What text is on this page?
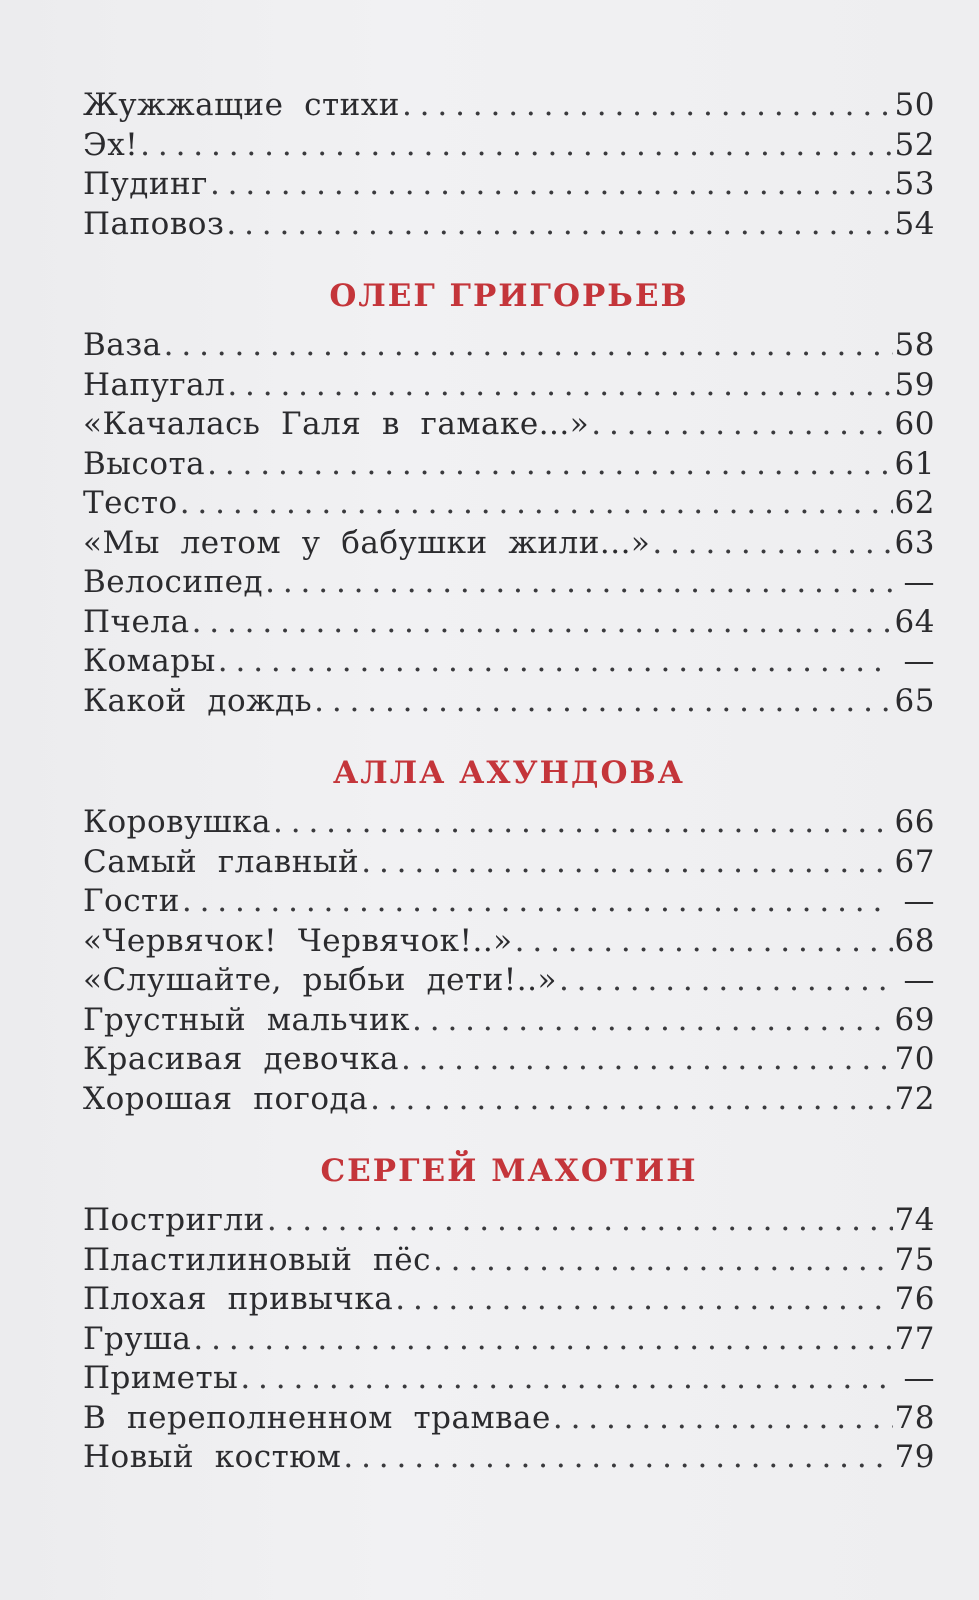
Жужжащие  стихи . . .	50
Эх! . . .	52
Пудинг . . .	53
Паповоз . . .	54
ОЛЕГ ГРИГОРЬЕВ
Ваза . . .	58
Напугал . . .	59
«Качалась  Галя  в  гамаке...» . . .	60
Высота . . .	61
Тесто . . .	62
«Мы  летом  у  бабушки  жили...» . . .	63
Велосипед . . .	—
Пчела . . .	64
Комары . . .	—
Какой  дождь . . .	65
АЛЛА АХУНДОВА
Коровушка . . .	66
Самый  главный . . .	67
Гости . . .	—
«Червячок!  Червячок!..» . . .	68
«Слушайте,  рыбьи  дети!..» . . .	—
Грустный  мальчик . . .	69
Красивая  девочка . . .	70
Хорошая  погода . . .	72
СЕРГЕЙ МАХОТИН
Постригли . . .	74
Пластилиновый  пёс . . .	75
Плохая  привычка . . .	76
Груша . . .	77
Приметы . . .	—
В  переполненном  трамвае . . .	78
Новый  костюм . . .	79
